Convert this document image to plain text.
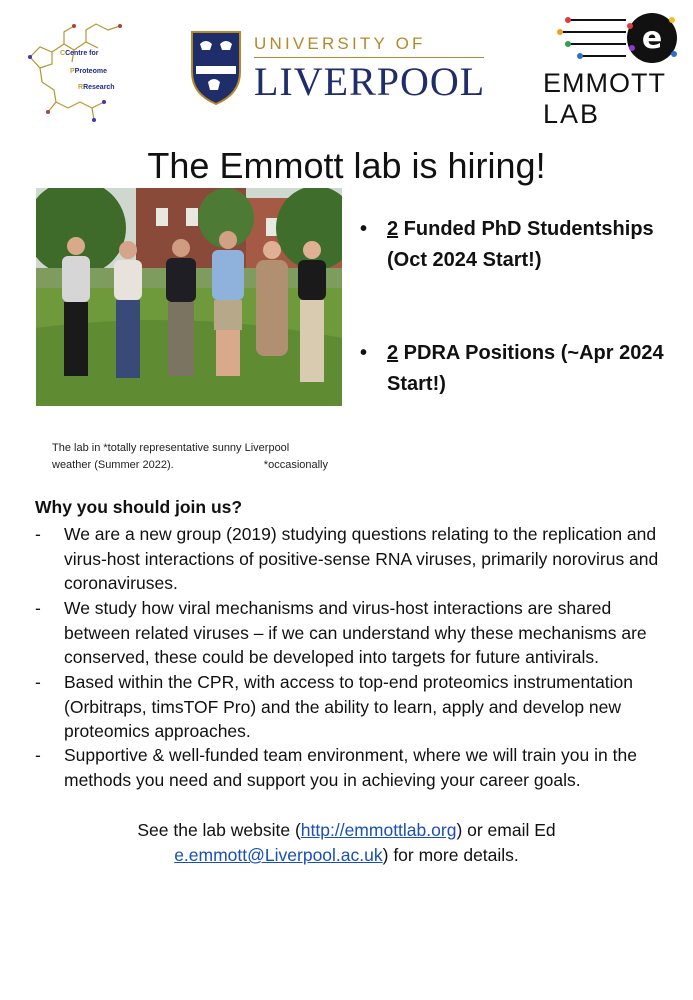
CCentre for
PProteome
RResearch
UNIVERSITY OF
LIVERPOOL
e
EMMOTT
LAB
The Emmott lab is hiring!
The lab in *totally representative sunny Liverpool
weather (Summer 2022).	*occasionally
• 2 Funded PhD Studentships (Oct 2024 Start!)
• 2 PDRA Positions (~Apr 2024 Start!)
Why you should join us?
- We are a new group (2019) studying questions relating to the replication and virus-host interactions of positive-sense RNA viruses, primarily norovirus and coronaviruses.
- We study how viral mechanisms and virus-host interactions are shared between related viruses – if we can understand why these mechanisms are conserved, these could be developed into targets for future antivirals.
- Based within the CPR, with access to top-end proteomics instrumentation (Orbitraps, timsTOF Pro) and the ability to learn, apply and develop new proteomics approaches.
- Supportive & well-funded team environment, where we will train you in the methods you need and support you in achieving your career goals.
See the lab website (http://emmottlab.org) or email Ed
e.emmott@Liverpool.ac.uk) for more details.
